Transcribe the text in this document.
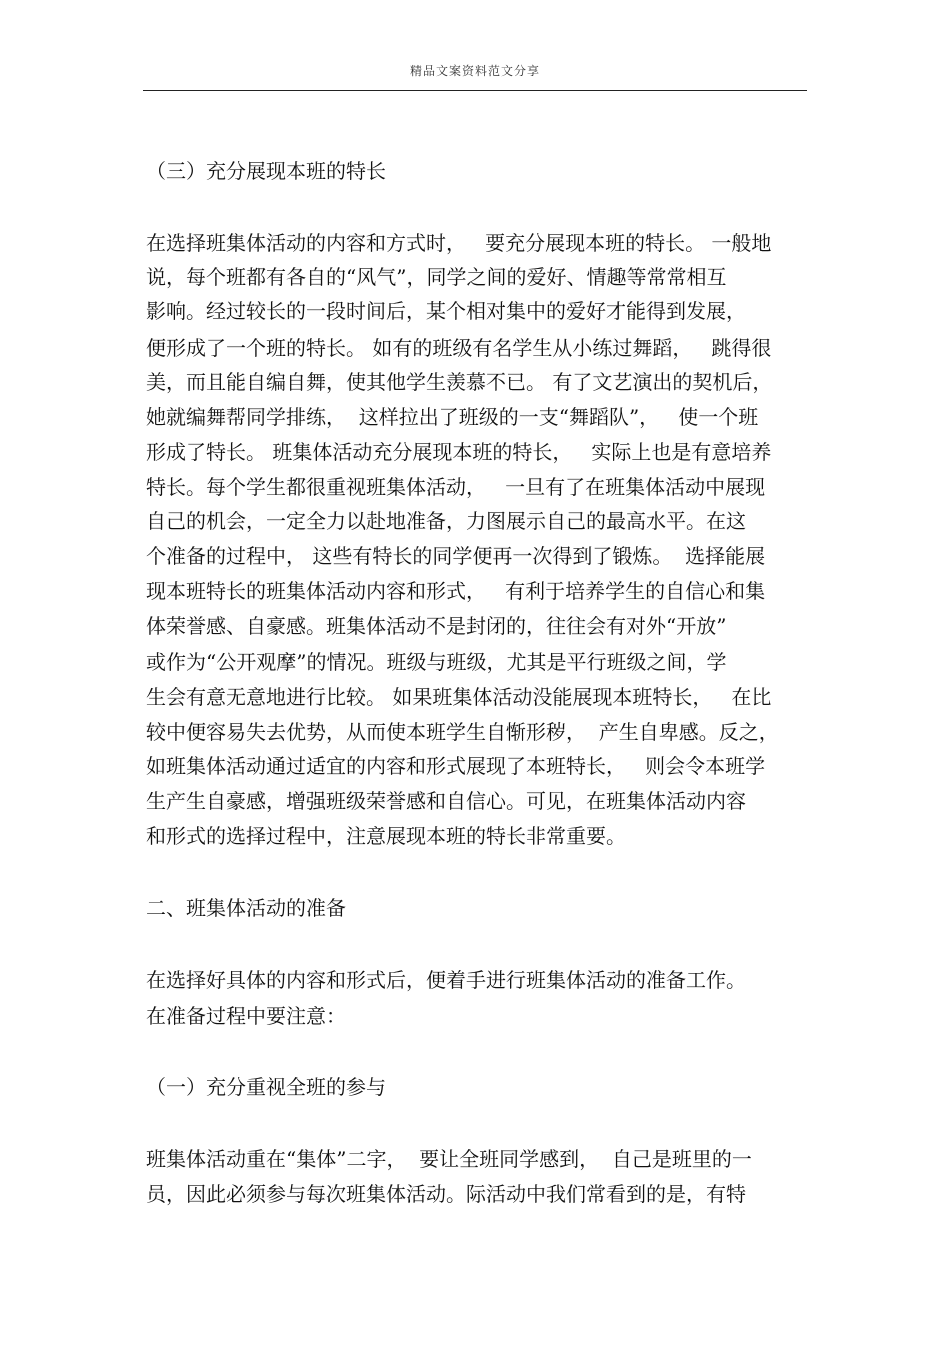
精品文案资料范文分享
（三）充分展现本班的特长
在选择班集体活动的内容和方式时，   要充分展现本班的特长。 一般地
说，每个班都有各自的“风气”，同学之间的爱好、情趣等常常相互
影响。经过较长的一段时间后，某个相对集中的爱好才能得到发展，
便形成了一个班的特长。 如有的班级有名学生从小练过舞蹈，   跳得很
美，而且能自编自舞，使其他学生羡慕不已。 有了文艺演出的契机后，
她就编舞帮同学排练，  这样拉出了班级的一支“舞蹈队”，   使一个班
形成了特长。 班集体活动充分展现本班的特长，   实际上也是有意培养
特长。每个学生都很重视班集体活动，   一旦有了在班集体活动中展现
自己的机会，一定全力以赴地准备，力图展示自己的最高水平。在这
个准备的过程中， 这些有特长的同学便再一次得到了锻炼。  选择能展
现本班特长的班集体活动内容和形式，   有利于培养学生的自信心和集
体荣誉感、自豪感。班集体活动不是封闭的，往往会有对外“开放”
或作为“公开观摩”的情况。班级与班级，尤其是平行班级之间，学
生会有意无意地进行比较。 如果班集体活动没能展现本班特长，   在比
较中便容易失去优势，从而使本班学生自惭形秽，  产生自卑感。反之，
如班集体活动通过适宜的内容和形式展现了本班特长，   则会令本班学
生产生自豪感，增强班级荣誉感和自信心。可见，在班集体活动内容
和形式的选择过程中，注意展现本班的特长非常重要。
二、班集体活动的准备
在选择好具体的内容和形式后，便着手进行班集体活动的准备工作。
在准备过程中要注意：
（一）充分重视全班的参与
班集体活动重在“集体”二字，  要让全班同学感到，  自己是班里的一
员，因此必须参与每次班集体活动。际活动中我们常看到的是，有特
